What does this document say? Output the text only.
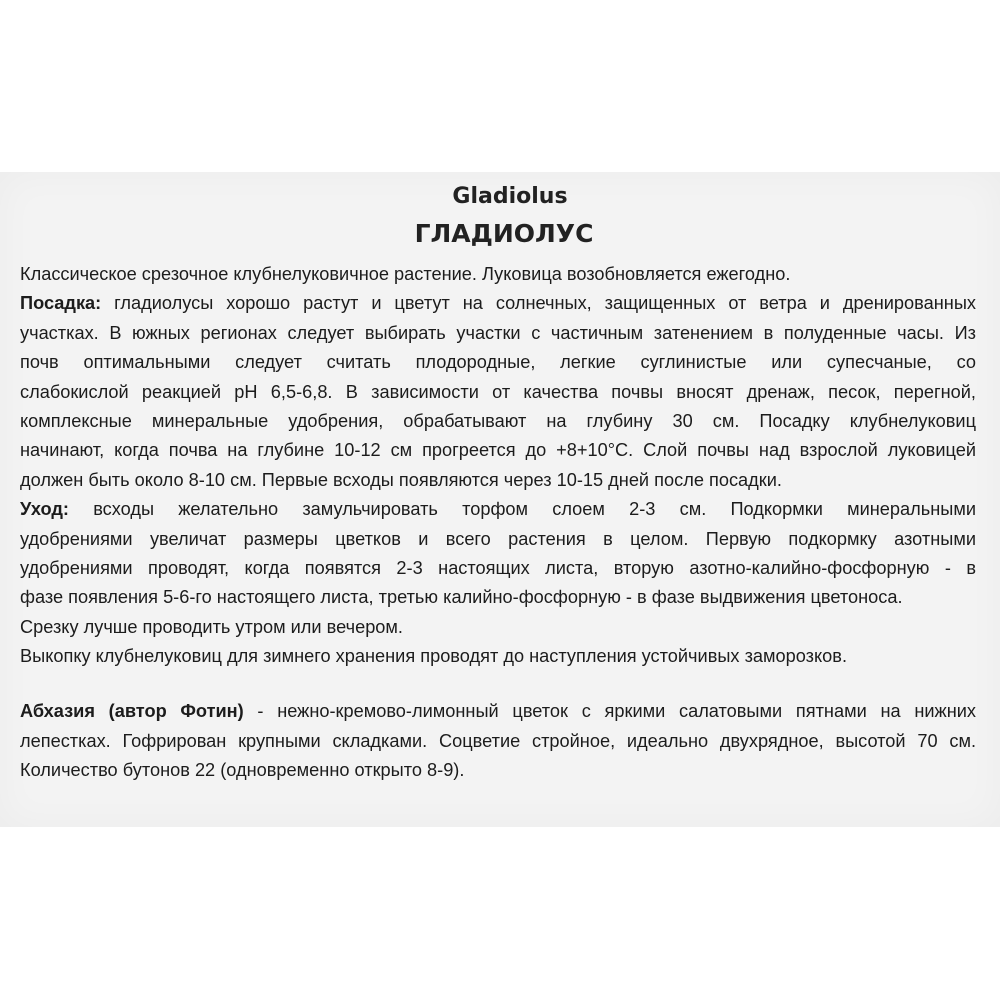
Gladiolus
ГЛАДИОЛУС
Классическое срезочное клубнелуковичное растение. Луковица возобновляется ежегодно.
Посадка: гладиолусы хорошо растут и цветут на солнечных, защищенных от ветра и дренированных
участках. В южных регионах следует выбирать участки с частичным затенением в полуденные часы. Из
почв оптимальными следует считать плодородные, легкие суглинистые или супесчаные, со
слабокислой реакцией pH 6,5-6,8. В зависимости от качества почвы вносят дренаж, песок, перегной,
комплексные минеральные удобрения, обрабатывают на глубину 30 см. Посадку клубнелуковиц
начинают, когда почва на глубине 10-12 см прогреется до +8+10°C. Слой почвы над взрослой луковицей
должен быть около 8-10 см. Первые всходы появляются через 10-15 дней после посадки.
Уход: всходы желательно замульчировать торфом слоем 2-3 см. Подкормки минеральными
удобрениями увеличат размеры цветков и всего растения в целом. Первую подкормку азотными
удобрениями проводят, когда появятся 2-3 настоящих листа, вторую азотно-калийно-фосфорную - в
фазе появления 5-6-го настоящего листа, третью калийно-фосфорную - в фазе выдвижения цветоноса.
Срезку лучше проводить утром или вечером.
Выкопку клубнелуковиц для зимнего хранения проводят до наступления устойчивых заморозков.
Абхазия (автор Фотин) - нежно-кремово-лимонный цветок с яркими салатовыми пятнами на нижних
лепестках. Гофрирован крупными складками. Соцветие стройное, идеально двухрядное, высотой 70 см.
Количество бутонов 22 (одновременно открыто 8-9).
